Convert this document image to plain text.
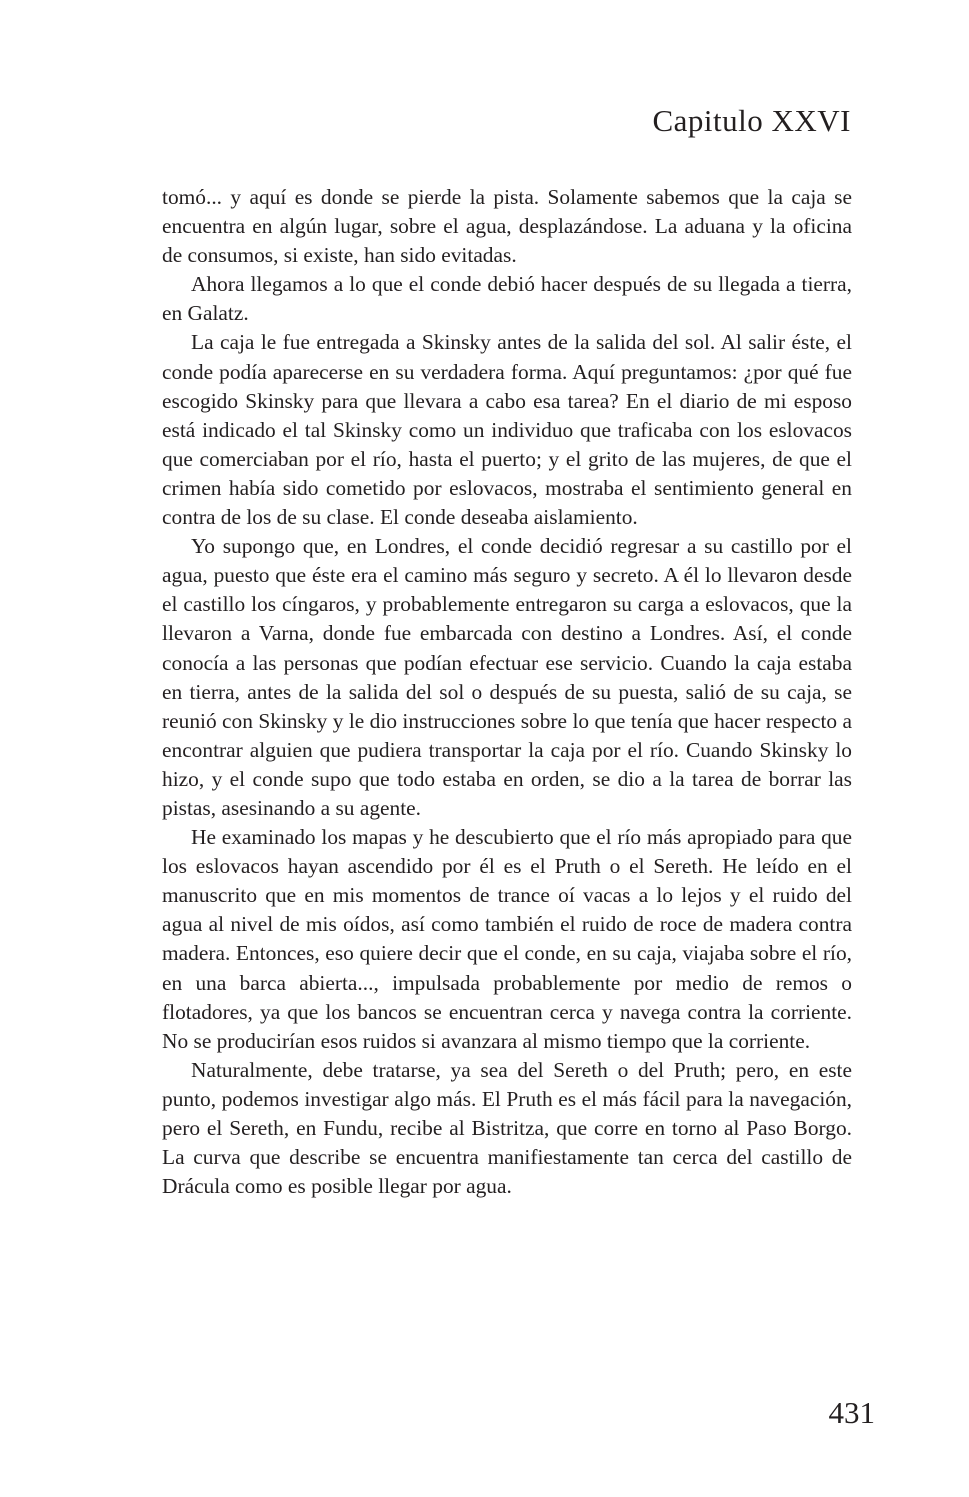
Capitulo XXVI

tomó... y aquí es donde se pierde la pista. Solamente sabemos que la caja se encuentra en algún lugar, sobre el agua, desplazándose. La aduana y la oficina de consumos, si existe, han sido evitadas.

Ahora llegamos a lo que el conde debió hacer después de su llegada a tierra, en Galatz.

La caja le fue entregada a Skinsky antes de la salida del sol. Al salir éste, el conde podía aparecerse en su verdadera forma. Aquí preguntamos: ¿por qué fue escogido Skinsky para que llevara a cabo esa tarea? En el diario de mi esposo está indicado el tal Skinsky como un individuo que traficaba con los eslovacos que comerciaban por el río, hasta el puerto; y el grito de las mujeres, de que el crimen había sido cometido por eslovacos, mostraba el sentimiento general en contra de los de su clase. El conde deseaba aislamiento.

Yo supongo que, en Londres, el conde decidió regresar a su castillo por el agua, puesto que éste era el camino más seguro y secreto. A él lo llevaron desde el castillo los cíngaros, y probablemente entregaron su carga a eslovacos, que la llevaron a Varna, donde fue embarcada con destino a Londres. Así, el conde conocía a las personas que podían efectuar ese servicio. Cuando la caja estaba en tierra, antes de la salida del sol o después de su puesta, salió de su caja, se reunió con Skinsky y le dio instrucciones sobre lo que tenía que hacer respecto a encontrar alguien que pudiera transportar la caja por el río. Cuando Skinsky lo hizo, y el conde supo que todo estaba en orden, se dio a la tarea de borrar las pistas, asesinando a su agente.

He examinado los mapas y he descubierto que el río más apropiado para que los eslovacos hayan ascendido por él es el Pruth o el Sereth. He leído en el manuscrito que en mis momentos de trance oí vacas a lo lejos y el ruido del agua al nivel de mis oídos, así como también el ruido de roce de madera contra madera. Entonces, eso quiere decir que el conde, en su caja, viajaba sobre el río, en una barca abierta..., impulsada probablemente por medio de remos o flotadores, ya que los bancos se encuentran cerca y navega contra la corriente. No se producirían esos ruidos si avanzara al mismo tiempo que la corriente.

Naturalmente, debe tratarse, ya sea del Sereth o del Pruth; pero, en este punto, podemos investigar algo más. El Pruth es el más fácil para la navegación, pero el Sereth, en Fundu, recibe al Bistritza, que corre en torno al Paso Borgo. La curva que describe se encuentra manifiestamente tan cerca del castillo de Drácula como es posible llegar por agua.

431
